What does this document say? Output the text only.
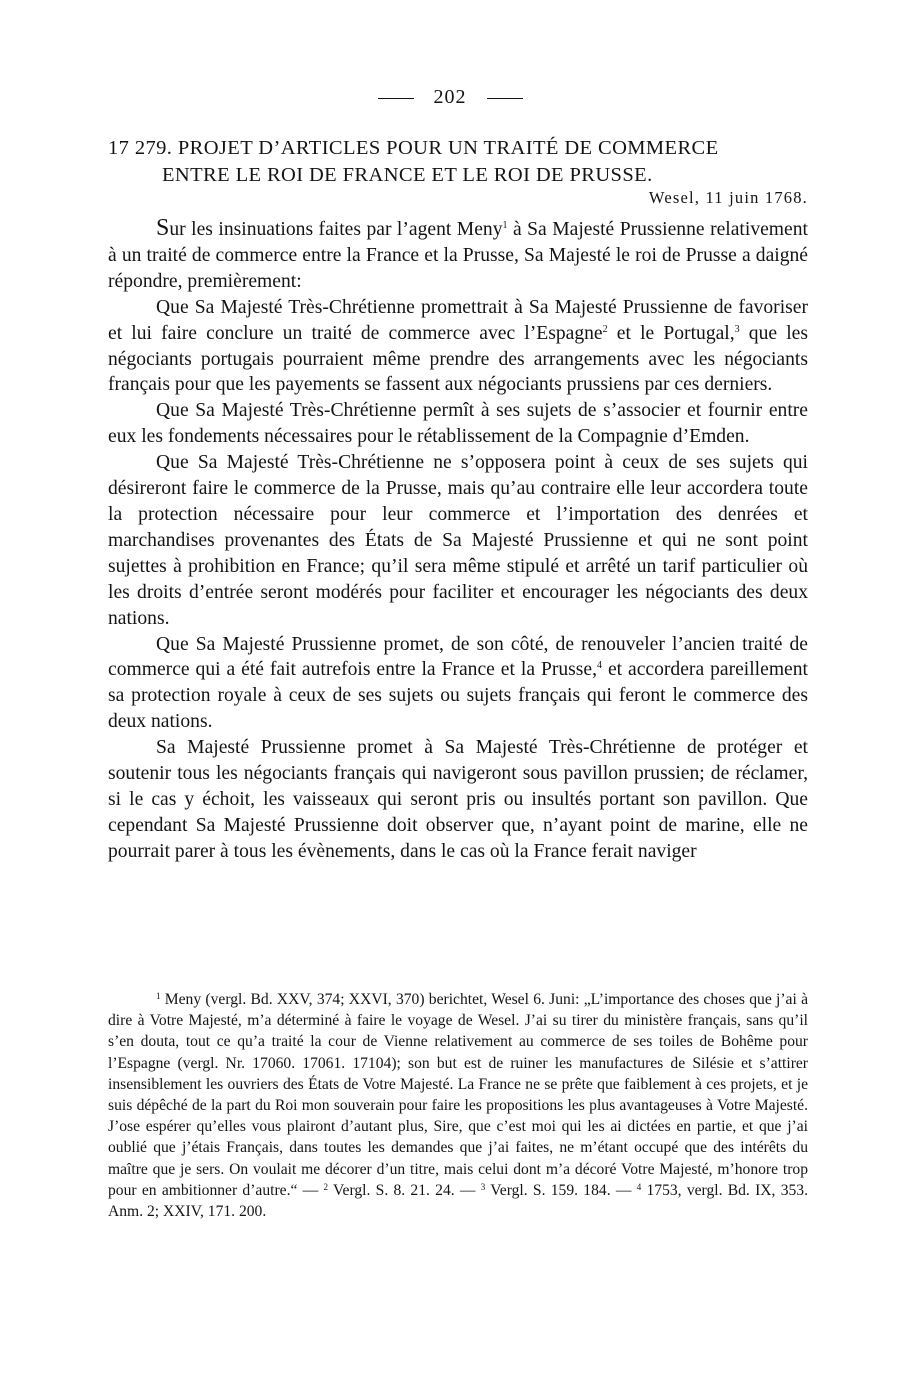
202
17 279. PROJET D’ARTICLES POUR UN TRAITÉ DE COMMERCE
ENTRE LE ROI DE FRANCE ET LE ROI DE PRUSSE.
Wesel, 11 juin 1768.

Sur les insinuations faites par l’agent Meny$^1$ à Sa Majesté Prussienne relativement à un traité de commerce entre la France et la Prusse, Sa Majesté le roi de Prusse a daigné répondre, premièrement:

Que Sa Majesté Très-Chrétienne promettrait à Sa Majesté Prussienne de favoriser et lui faire conclure un traité de commerce avec l’Espagne$^2$ et le Portugal,$^3$ que les négociants portugais pourraient même prendre des arrangements avec les négociants français pour que les payements se fassent aux négociants prussiens par ces derniers.

Que Sa Majesté Très-Chrétienne permît à ses sujets de s’associer et fournir entre eux les fondements nécessaires pour le rétablissement de la Compagnie d’Emden.

Que Sa Majesté Très-Chrétienne ne s’opposera point à ceux de ses sujets qui désireront faire le commerce de la Prusse, mais qu’au contraire elle leur accordera toute la protection nécessaire pour leur commerce et l’importation des denrées et marchandises provenantes des États de Sa Majesté Prussienne et qui ne sont point sujettes à prohibition en France; qu’il sera même stipulé et arrêté un tarif particulier où les droits d’entrée seront modérés pour faciliter et encourager les négociants des deux nations.

Que Sa Majesté Prussienne promet, de son côté, de renouveler l’ancien traité de commerce qui a été fait autrefois entre la France et la Prusse,$^4$ et accordera pareillement sa protection royale à ceux de ses sujets ou sujets français qui feront le commerce des deux nations.

Sa Majesté Prussienne promet à Sa Majesté Très-Chrétienne de protéger et soutenir tous les négociants français qui navigeront sous pavillon prussien; de réclamer, si le cas y échoit, les vaisseaux qui seront pris ou insultés portant son pavillon. Que cependant Sa Majesté Prussienne doit observer que, n’ayant point de marine, elle ne pourrait parer à tous les évènements, dans le cas où la France ferait naviger

$^1$ Meny (vergl. Bd. XXV, 374; XXVI, 370) berichtet, Wesel 6. Juni: „L’importance des choses que j’ai à dire à Votre Majesté, m’a déterminé à faire le voyage de Wesel. J’ai su tirer du ministère français, sans qu’il s’en douta, tout ce qu’a traité la cour de Vienne relativement au commerce de ses toiles de Bohême pour l’Espagne (vergl. Nr. 17060. 17061. 17104); son but est de ruiner les manufactures de Silésie et s’attirer insensiblement les ouvriers des États de Votre Majesté. La France ne se prête que faiblement à ces projets, et je suis dépêché de la part du Roi mon souverain pour faire les propositions les plus avantageuses à Votre Majesté. J’ose espérer qu’elles vous plairont d’autant plus, Sire, que c’est moi qui les ai dictées en partie, et que j’ai oublié que j’étais Français, dans toutes les demandes que j’ai faites, ne m’étant occupé que des intérêts du maître que je sers. On voulait me décorer d’un titre, mais celui dont m’a décoré Votre Majesté, m’honore trop pour en ambitionner d’autre.“ — $^2$ Vergl. S. 8. 21. 24. — $^3$ Vergl. S. 159. 184. — $^4$ 1753, vergl. Bd. IX, 353. Anm. 2; XXIV, 171. 200.
